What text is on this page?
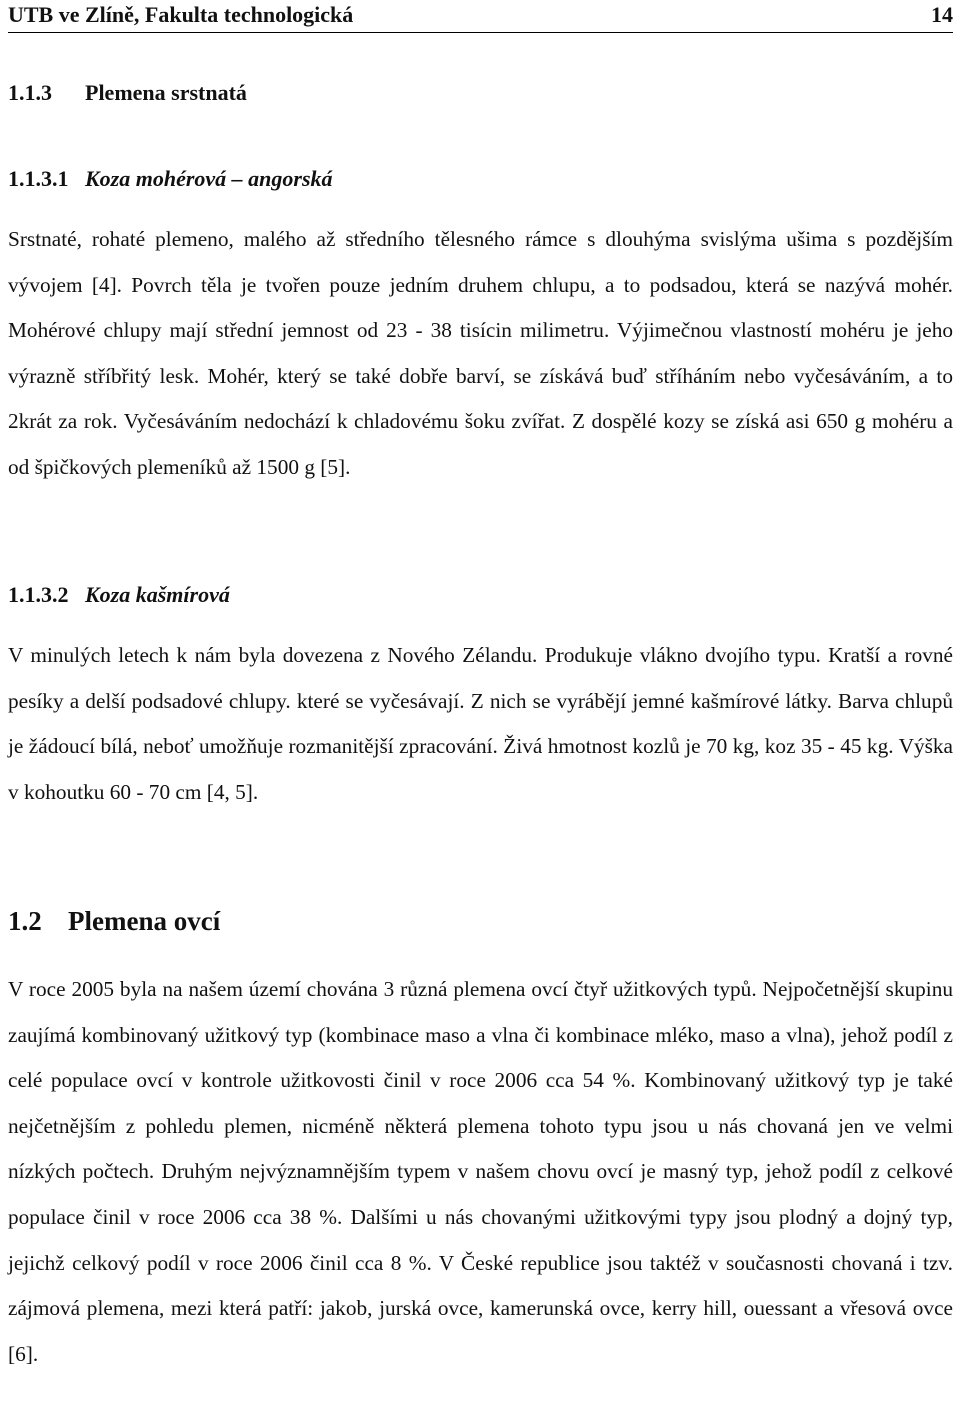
UTB ve Zlíně, Fakulta technologická	14
1.1.3 Plemena srstnatá
1.1.3.1 Koza mohérová – angorská
Srstnaté, rohaté plemeno, malého až středního tělesného rámce s dlouhýma svislýma ušima s pozdějším vývojem [4]. Povrch těla je tvořen pouze jedním druhem chlupu, a to podsadou, která se nazývá mohér. Mohérové chlupy mají střední jemnost od 23 - 38 tisícin milimetru. Výjimečnou vlastností mohéru je jeho výrazně stříbřitý lesk. Mohér, který se také dobře barví, se získává buď stříháním nebo vyčesáváním, a to 2krát za rok. Vyčesáváním nedochází k chladovému šoku zvířat. Z dospělé kozy se získá asi 650 g mohéru a od špičkových plemeníků až 1500 g [5].
1.1.3.2 Koza kašmírová
V minulých letech k nám byla dovezena z Nového Zélandu. Produkuje vlákno dvojího typu. Kratší a rovné pesíky a delší podsadové chlupy. které se vyčesávají. Z nich se vyrábějí jemné kašmírové látky. Barva chlupů je žádoucí bílá, neboť umožňuje rozmanitější zpracování. Živá hmotnost kozlů je 70 kg, koz 35 - 45 kg. Výška v kohoutku 60 - 70 cm [4, 5].
1.2 Plemena ovcí
V roce 2005 byla na našem území chována 3 různá plemena ovcí čtyř užitkových typů. Nejpočetnější skupinu zaujímá kombinovaný užitkový typ (kombinace maso a vlna či kombinace mléko, maso a vlna), jehož podíl z celé populace ovcí v kontrole užitkovosti činil v roce 2006 cca 54 %. Kombinovaný užitkový typ je také nejčetnějším z pohledu plemen, nicméně některá plemena tohoto typu jsou u nás chovaná jen ve velmi nízkých počtech. Druhým nejvýznamnějším typem v našem chovu ovcí je masný typ, jehož podíl z celkové populace činil v roce 2006 cca 38 %. Dalšími u nás chovanými užitkovými typy jsou plodný a dojný typ, jejichž celkový podíl v roce 2006 činil cca 8 %. V České republice jsou taktéž v současnosti chovaná i tzv. zájmová plemena, mezi která patří: jakob, jurská ovce, kamerunská ovce, kerry hill, ouessant a vřesová ovce [6].
